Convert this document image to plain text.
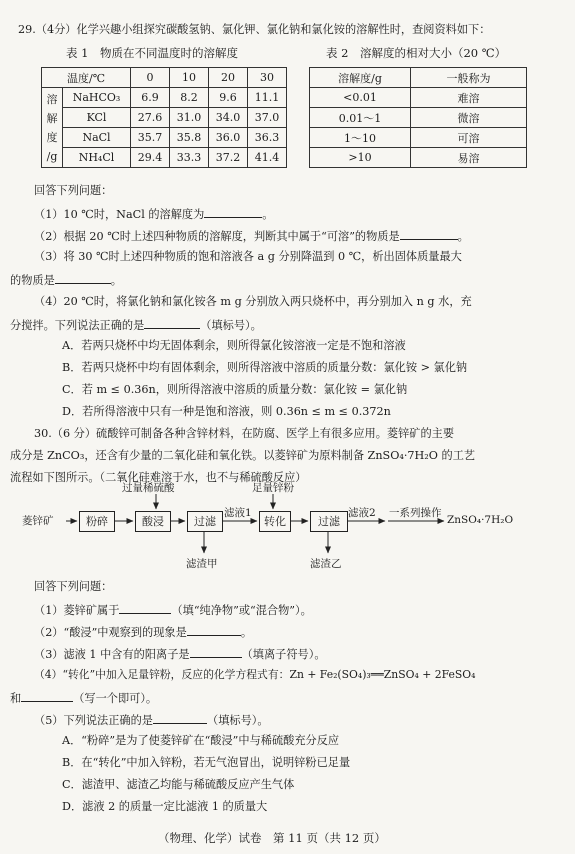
29.（4分）化学兴趣小组探究碳酸氢钠、氯化钾、氯化钠和氯化铵的溶解性时，查阅资料如下：
表 1　物质在不同温度时的溶解度	表 2　溶解度的相对大小（20 ℃）
温度/℃		0	10	20	30

溶
解
度
/g	NaHCO₃	6.9	8.2	9.6	11.1
	KCl	27.6	31.0	34.0	37.0
	NaCl	35.7	35.8	36.0	36.3
	NH₄Cl	29.4	33.3	37.2	41.4
溶解度/g	一般称为
<0.01	难溶
0.01～1	微溶
1～10	可溶
>10	易溶
回答下列问题：
（1）10 ℃时，NaCl 的溶解度为	。
（2）根据 20 ℃时上述四种物质的溶解度，判断其中属于“可溶”的物质是	。
（3）将 30 ℃时上述四种物质的饱和溶液各 a g 分别降温到 0 ℃，析出固体质量最大
的物质是	。
（4）20 ℃时，将氯化钠和氯化铵各 m g 分别放入两只烧杯中，再分别加入 n g 水，充
分搅拌。下列说法正确的是	（填标号）。
A．若两只烧杯中均无固体剩余，则所得氯化铵溶液一定是不饱和溶液
B．若两只烧杯中均有固体剩余，则所得溶液中溶质的质量分数：氯化铵 > 氯化钠
C．若 m ≤ 0.36n，则所得溶液中溶质的质量分数：氯化铵 = 氯化钠
D．若所得溶液中只有一种是饱和溶液，则 0.36n ≤ m ≤ 0.372n
30.（6 分）硫酸锌可制备各种含锌材料，在防腐、医学上有很多应用。菱锌矿的主要
成分是 ZnCO₃，还含有少量的二氧化硅和氧化铁。以菱锌矿为原料制备 ZnSO₄·7H₂O 的工艺
流程如下图所示。（二氧化硅难溶于水，也不与稀硫酸反应）
菱锌矿	粉碎	酸浸	过滤	转化	过滤
过量稀硫酸	足量锌粉
滤液1	滤液2 一系列操作
ZnSO₄·7H₂O
滤渣甲	滤渣乙
回答下列问题：
（1）菱锌矿属于	（填“纯净物”或“混合物”）。
（2）“酸浸”中观察到的现象是	。
（3）滤液 1 中含有的阳离子是	（填离子符号）。
（4）“转化”中加入足量锌粉，反应的化学方程式有：Zn + Fe₂(SO₄)₃══ZnSO₄ + 2FeSO₄
和	（写一个即可）。
（5）下列说法正确的是	（填标号）。
A．“粉碎”是为了使菱锌矿在“酸浸”中与稀硫酸充分反应
B．在“转化”中加入锌粉，若无气泡冒出，说明锌粉已足量
C．滤渣甲、滤渣乙均能与稀硫酸反应产生气体
D．滤液 2 的质量一定比滤液 1 的质量大
（物理、化学）试卷　第 11 页（共 12 页）
